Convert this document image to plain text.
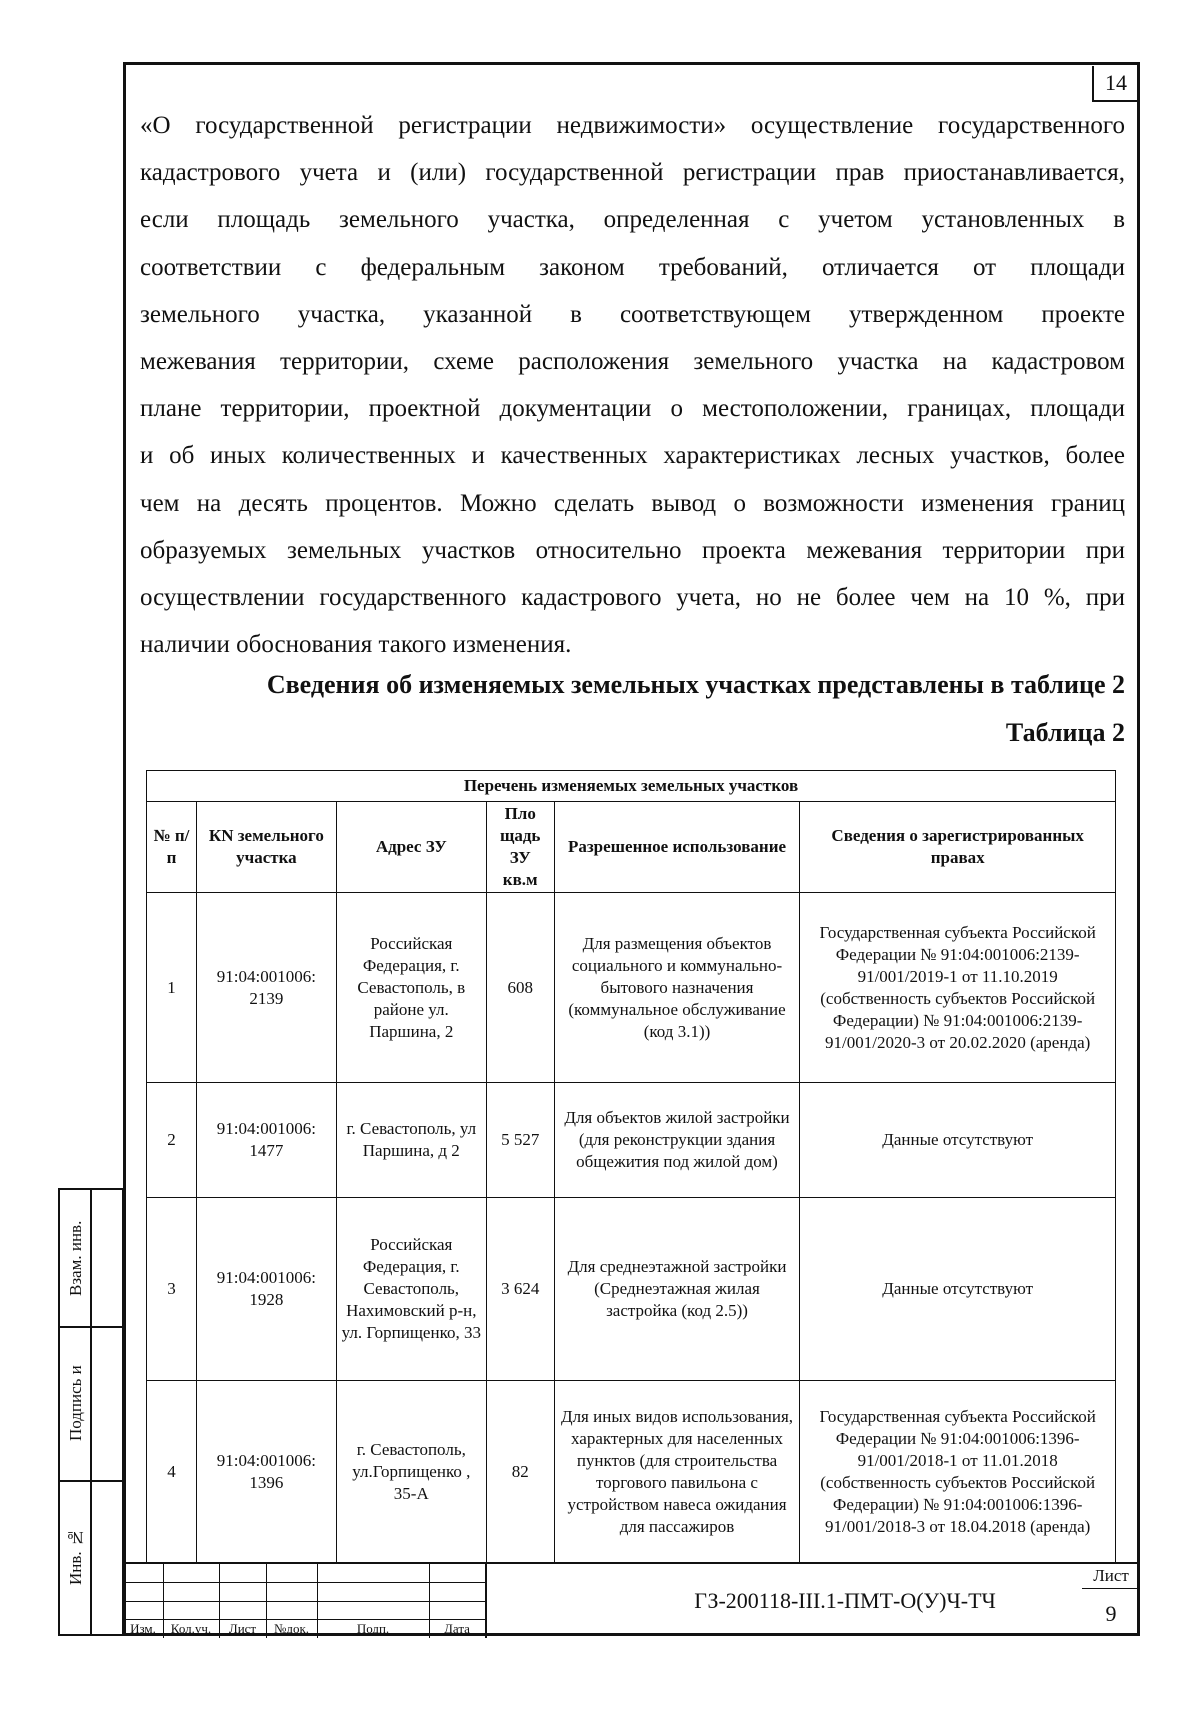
14
«О государственной регистрации недвижимости» осуществление государственного
кадастрового учета и (или) государственной регистрации прав приостанавливается,
если площадь земельного участка, определенная с учетом установленных в
соответствии с федеральным законом требований, отличается от площади
земельного участка, указанной в соответствующем утвержденном проекте
межевания территории, схеме расположения земельного участка на кадастровом
плане территории, проектной документации о местоположении, границах, площади
и об иных количественных и качественных характеристиках лесных участков, более
чем на десять процентов. Можно сделать вывод о возможности изменения границ
образуемых земельных участков относительно проекта межевания территории при
осуществлении государственного кадастрового учета, но не более чем на 10 %, при
наличии обоснования такого изменения.
Сведения об изменяемых земельных участках представлены в таблице 2
Таблица 2
Перечень изменяемых земельных участков					
№ п/п	КN земельного участка	Адрес ЗУ	Пло щадь ЗУ кв.м	Разрешенное использование	Сведения о зарегистрированных правах
1	91:04:001006: 2139	Российская Федерация, г. Севастополь, в районе ул. Паршина, 2	608	Для размещения объектов социального и коммунально-бытового назначения (коммунальное обслуживание (код 3.1))	Государственная субъекта Российской Федерации № 91:04:001006:2139-91/001/2019-1 от 11.10.2019 (собственность субъектов Российской Федерации) № 91:04:001006:2139-91/001/2020-3 от 20.02.2020 (аренда)
2	91:04:001006: 1477	г. Севастополь, ул Паршина, д 2	5 527	Для объектов жилой застройки (для реконструкции здания общежития под жилой дом)	Данные отсутствуют
3	91:04:001006: 1928	Российская Федерация, г. Севастополь, Нахимовский р-н, ул. Горпищенко, 33	3 624	Для среднеэтажной застройки (Среднеэтажная жилая застройка (код 2.5))	Данные отсутствуют
4	91:04:001006: 1396	г. Севастополь, ул.Горпищенко , 35-А	82	Для иных видов использования, характерных для населенных пунктов (для строительства торгового павильона с устройством навеса ожидания для пассажиров	Государственная субъекта Российской Федерации № 91:04:001006:1396-91/001/2018-1 от 11.01.2018 (собственность субъектов Российской Федерации) № 91:04:001006:1396-91/001/2018-3 от 18.04.2018 (аренда)
Взам. инв.
Подпись и
Инв. №
Изм.	Кол.уч.	Лист	№док.	Подп.	Дата
ГЗ-200118-III.1-ПМТ-О(У)Ч-ТЧ
Лист
9
